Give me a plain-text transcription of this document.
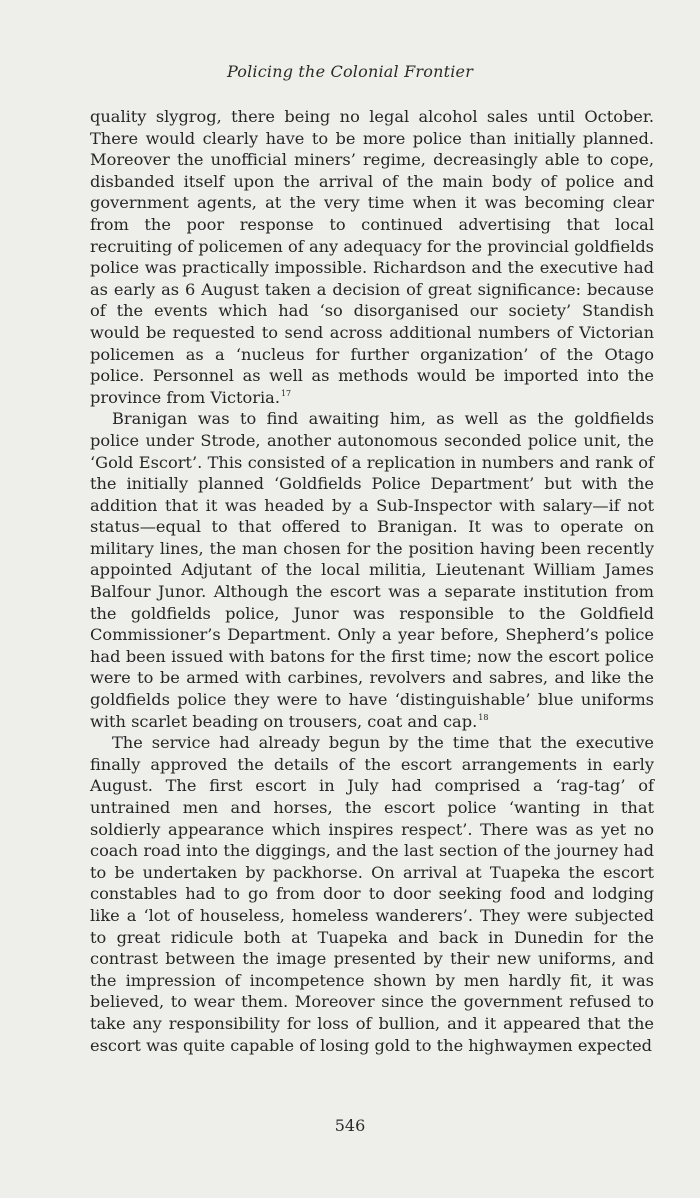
Policing the Colonial Frontier

quality slygrog, there being no legal alcohol sales until October. There would clearly have to be more police than initially planned. Moreover the unofficial miners’ regime, decreasingly able to cope, disbanded itself upon the arrival of the main body of police and government agents, at the very time when it was becoming clear from the poor response to continued advertising that local recruiting of policemen of any adequacy for the provincial goldfields police was practically impossible. Richardson and the executive had as early as 6 August taken a decision of great significance: because of the events which had ‘so disorganised our society’ Standish would be requested to send across additional numbers of Victorian policemen as a ‘nucleus for further organization’ of the Otago police. Personnel as well as methods would be imported into the province from Victoria.$^{17}$

Branigan was to find awaiting him, as well as the goldfields police under Strode, another autonomous seconded police unit, the ‘Gold Escort’. This consisted of a replication in numbers and rank of the initially planned ‘Goldfields Police Department’ but with the addition that it was headed by a Sub-Inspector with salary—if not status—equal to that offered to Branigan. It was to operate on military lines, the man chosen for the position having been recently appointed Adjutant of the local militia, Lieutenant William James Balfour Junor. Although the escort was a separate institution from the goldfields police, Junor was responsible to the Goldfield Commissioner’s Department. Only a year before, Shepherd’s police had been issued with batons for the first time; now the escort police were to be armed with carbines, revolvers and sabres, and like the goldfields police they were to have ‘distinguishable’ blue uniforms with scarlet beading on trousers, coat and cap.$^{18}$

The service had already begun by the time that the executive finally approved the details of the escort arrangements in early August. The first escort in July had comprised a ‘rag-tag’ of untrained men and horses, the escort police ‘wanting in that soldierly appearance which inspires respect’. There was as yet no coach road into the diggings, and the last section of the journey had to be undertaken by packhorse. On arrival at Tuapeka the escort constables had to go from door to door seeking food and lodging like a ‘lot of houseless, homeless wanderers’. They were subjected to great ridicule both at Tuapeka and back in Dunedin for the contrast between the image presented by their new uniforms, and the impression of incompetence shown by men hardly fit, it was believed, to wear them. Moreover since the government refused to take any responsibility for loss of bullion, and it appeared that the escort was quite capable of losing gold to the highwaymen expected

546
